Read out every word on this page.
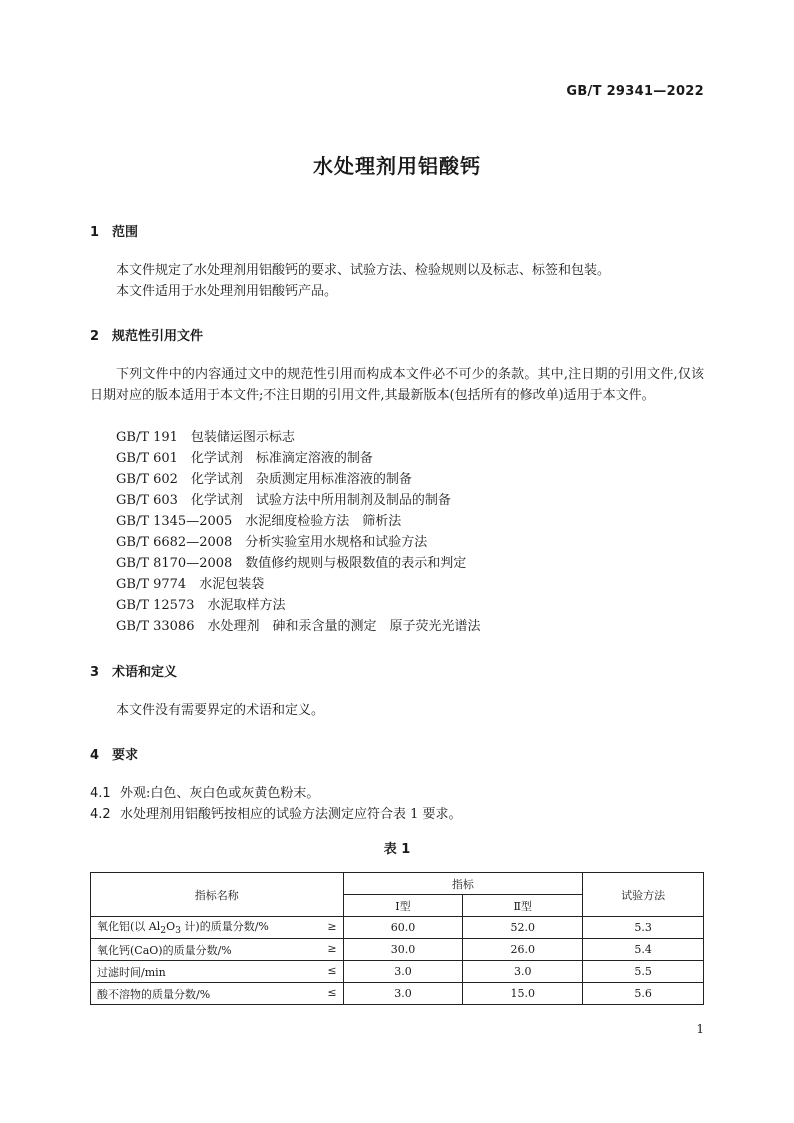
GB/T 29341—2022
水处理剂用铝酸钙
1 范围
本文件规定了水处理剂用铝酸钙的要求、试验方法、检验规则以及标志、标签和包装。
本文件适用于水处理剂用铝酸钙产品。
2 规范性引用文件
下列文件中的内容通过文中的规范性引用而构成本文件必不可少的条款。其中,注日期的引用文件,仅该日期对应的版本适用于本文件;不注日期的引用文件,其最新版本(包括所有的修改单)适用于本文件。
GB/T 191　包装储运图示标志
GB/T 601　化学试剂　标准滴定溶液的制备
GB/T 602　化学试剂　杂质测定用标准溶液的制备
GB/T 603　化学试剂　试验方法中所用制剂及制品的制备
GB/T 1345—2005　水泥细度检验方法　筛析法
GB/T 6682—2008　分析实验室用水规格和试验方法
GB/T 8170—2008　数值修约规则与极限数值的表示和判定
GB/T 9774　水泥包装袋
GB/T 12573　水泥取样方法
GB/T 33086　水处理剂　砷和汞含量的测定　原子荧光光谱法
3 术语和定义
本文件没有需要界定的术语和定义。
4 要求
4.1 外观:白色、灰白色或灰黄色粉末。
4.2 水处理剂用铝酸钙按相应的试验方法测定应符合表 1 要求。
表 1
指标名称	指标		试验方法
	Ⅰ型	Ⅱ型	
氧化铝(以 $Al_2O_3$ 计)的质量分数/% ≥	60.0	52.0	5.3
氧化钙(CaO)的质量分数/% ≥	30.0	26.0	5.4
过滤时间/min ≤	3.0	3.0	5.5
酸不溶物的质量分数/% ≤	3.0	15.0	5.6
1
